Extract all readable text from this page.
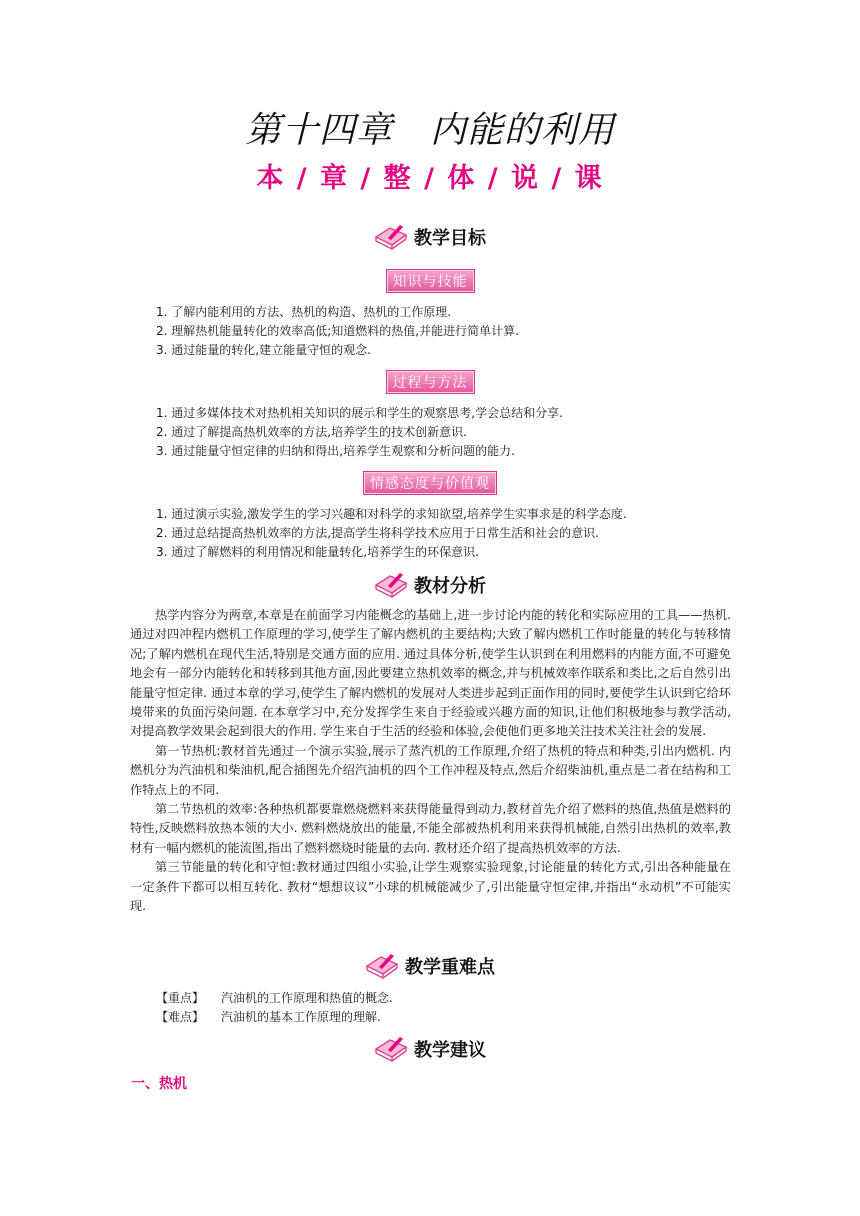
第十四章　内能的利用
本 / 章 / 整 / 体 / 说 / 课
教学目标
知识与技能
1. 了解内能利用的方法、热机的构造、热机的工作原理.
2. 理解热机能量转化的效率高低;知道燃料的热值,并能进行简单计算.
3. 通过能量的转化,建立能量守恒的观念.
过程与方法
1. 通过多媒体技术对热机相关知识的展示和学生的观察思考,学会总结和分享.
2. 通过了解提高热机效率的方法,培养学生的技术创新意识.
3. 通过能量守恒定律的归纳和得出,培养学生观察和分析问题的能力.
情感态度与价值观
1. 通过演示实验,激发学生的学习兴趣和对科学的求知欲望,培养学生实事求是的科学态度.
2. 通过总结提高热机效率的方法,提高学生将科学技术应用于日常生活和社会的意识.
3. 通过了解燃料的利用情况和能量转化,培养学生的环保意识.
教材分析

热学内容分为两章,本章是在前面学习内能概念的基础上,进一步讨论内能的转化和实际应用的工具——热机. 通过对四冲程内燃机工作原理的学习,使学生了解内燃机的主要结构;大致了解内燃机工作时能量的转化与转移情况;了解内燃机在现代生活,特别是交通方面的应用. 通过具体分析,使学生认识到在利用燃料的内能方面,不可避免地会有一部分内能转化和转移到其他方面,因此要建立热机效率的概念,并与机械效率作联系和类比,之后自然引出能量守恒定律. 通过本章的学习,使学生了解内燃机的发展对人类进步起到正面作用的同时,要使学生认识到它给环境带来的负面污染问题. 在本章学习中,充分发挥学生来自于经验或兴趣方面的知识,让他们积极地参与教学活动,对提高教学效果会起到很大的作用. 学生来自于生活的经验和体验,会使他们更多地关注技术关注社会的发展.

第一节热机:教材首先通过一个演示实验,展示了蒸汽机的工作原理,介绍了热机的特点和种类,引出内燃机. 内燃机分为汽油机和柴油机,配合插图先介绍汽油机的四个工作冲程及特点,然后介绍柴油机,重点是二者在结构和工作特点上的不同.

第二节热机的效率:各种热机都要靠燃烧燃料来获得能量得到动力,教材首先介绍了燃料的热值,热值是燃料的特性,反映燃料放热本领的大小. 燃料燃烧放出的能量,不能全部被热机利用来获得机械能,自然引出热机的效率,教材有一幅内燃机的能流图,指出了燃料燃烧时能量的去向. 教材还介绍了提高热机效率的方法.

第三节能量的转化和守恒:教材通过四组小实验,让学生观察实验现象,讨论能量的转化方式,引出各种能量在一定条件下都可以相互转化. 教材“想想议议”小球的机械能减少了,引出能量守恒定律,并指出“永动机”不可能实现.

教学重难点
【重点】 汽油机的工作原理和热值的概念.
【难点】 汽油机的基本工作原理的理解.
教学建议
一、热机
